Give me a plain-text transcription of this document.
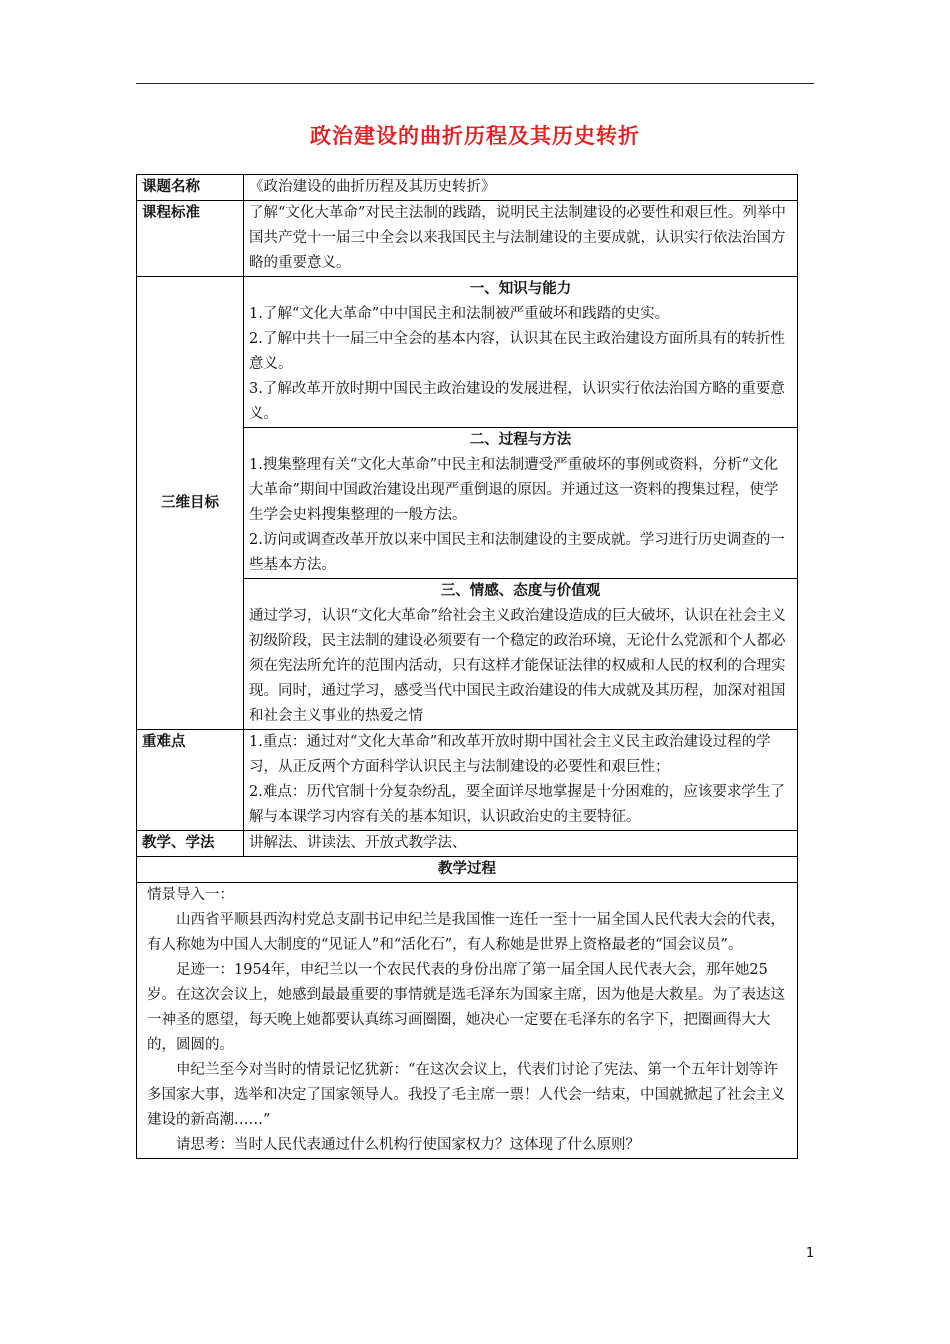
政治建设的曲折历程及其历史转折
课题名称	《政治建设的曲折历程及其历史转折》
课程标准	了解“文化大革命”对民主法制的践踏，说明民主法制建设的必要性和艰巨性。列举中国共产党十一届三中全会以来我国民主与法制建设的主要成就，认识实行依法治国方略的重要意义。
三维目标	一、知识与能力

1.了解“文化大革命”中中国民主和法制被严重破坏和践踏的史实。

2.了解中共十一届三中全会的基本内容，认识其在民主政治建设方面所具有的转折性意义。

3.了解改革开放时期中国民主政治建设的发展进程，认识实行依法治国方略的重要意义。

	二、过程与方法

1.搜集整理有关“文化大革命”中民主和法制遭受严重破坏的事例或资料，分析“文化大革命”期间中国政治建设出现严重倒退的原因。并通过这一资料的搜集过程，使学生学会史料搜集整理的一般方法。

2.访问或调查改革开放以来中国民主和法制建设的主要成就。学习进行历史调查的一些基本方法。

	三、情感、态度与价值观

通过学习，认识“文化大革命”给社会主义政治建设造成的巨大破坏，认识在社会主义初级阶段，民主法制的建设必须要有一个稳定的政治环境，无论什么党派和个人都必须在宪法所允许的范围内活动，只有这样才能保证法律的权威和人民的权利的合理实现。同时，通过学习，感受当代中国民主政治建设的伟大成就及其历程，加深对祖国和社会主义事业的热爱之情

重难点	1.重点：通过对“文化大革命”和改革开放时期中国社会主义民主政治建设过程的学习，从正反两个方面科学认识民主与法制建设的必要性和艰巨性；

2.难点：历代官制十分复杂纷乱，要全面详尽地掌握是十分困难的，应该要求学生了解与本课学习内容有关的基本知识，认识政治史的主要特征。

教学、学法	讲解法、讲读法、开放式教学法、
教学过程	

情景导入一：

山西省平顺县西沟村党总支副书记申纪兰是我国惟一连任一至十一届全国人民代表大会的代表，有人称她为中国人大制度的“见证人”和“活化石”，有人称她是世界上资格最老的“国会议员”。

足迹一：1954年，申纪兰以一个农民代表的身份出席了第一届全国人民代表大会，那年她25岁。在这次会议上，她感到最最重要的事情就是选毛泽东为国家主席，因为他是大救星。为了表达这一神圣的愿望，每天晚上她都要认真练习画圈圈，她决心一定要在毛泽东的名字下，把圈画得大大的，圆圆的。

申纪兰至今对当时的情景记忆犹新：“在这次会议上，代表们讨论了宪法、第一个五年计划等许多国家大事，选举和决定了国家领导人。我投了毛主席一票！人代会一结束，中国就掀起了社会主义建设的新高潮……”

请思考：当时人民代表通过什么机构行使国家权力？这体现了什么原则？	

1
